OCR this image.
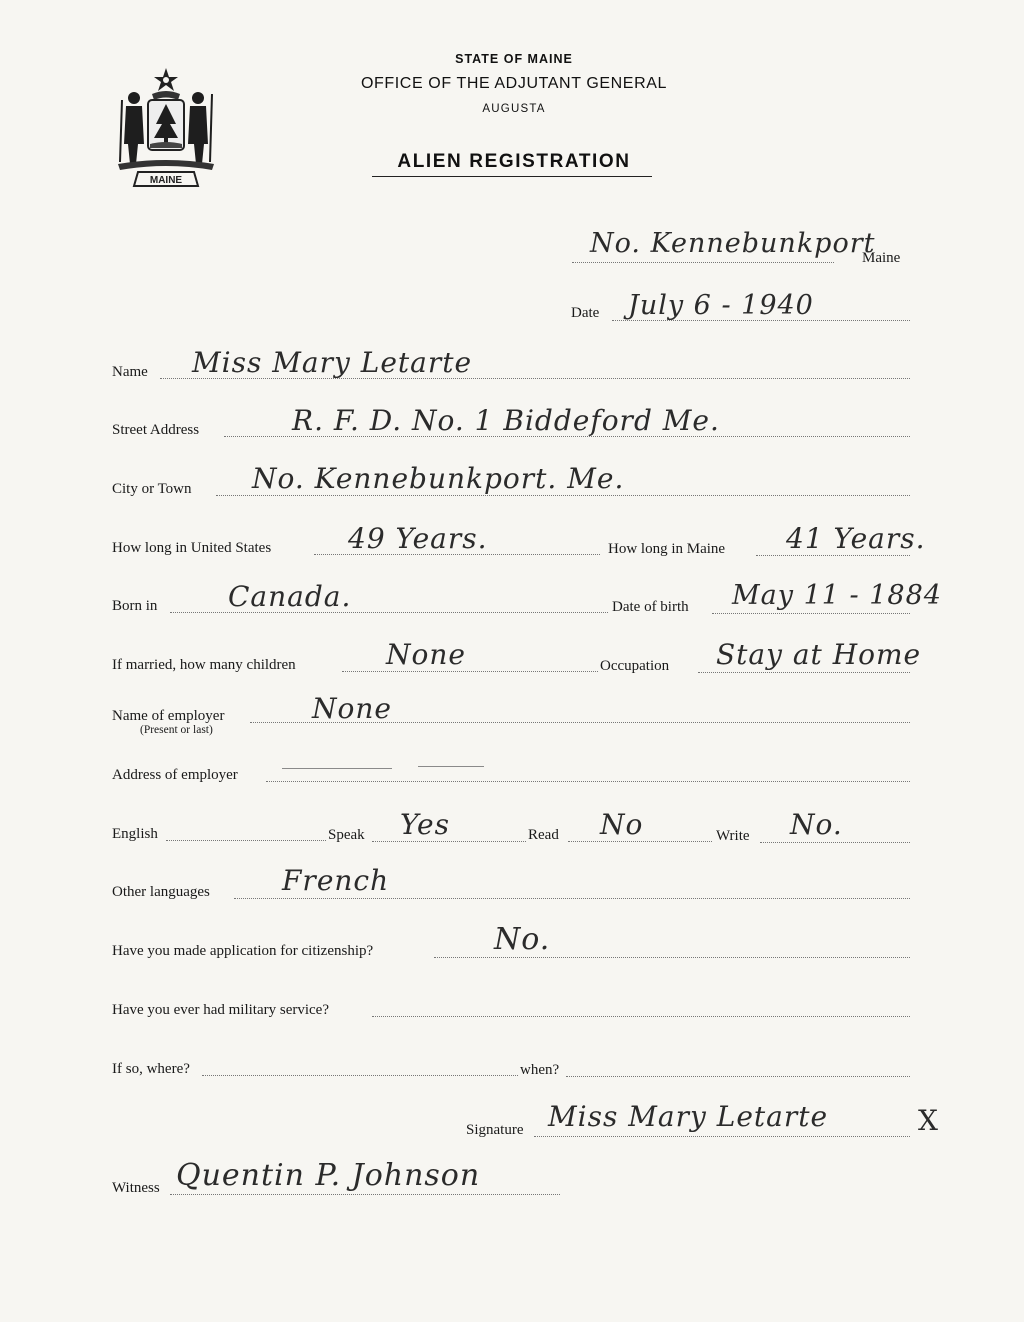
MAINE
STATE OF MAINE
OFFICE OF THE ADJUTANT GENERAL
AUGUSTA
ALIEN REGISTRATION
No. Kennebunkport
Maine
Date July 6 - 1940
Name Miss Mary Letarte
Street Address	R. F. D. No. 1 Biddeford Me.
City or Town No. Kennebunkport. Me.
How long in United States	49 Years.	How long in Maine 41 Years.
Born in	Canada.	Date of birth May 11 - 1884
If married, how many children	None	Occupation Stay at Home
Name of employer
(Present or last)
None
Address of employer
English	Speak Yes	Read No	Write No.
Other languages	French
Have you made application for citizenship?	No.
Have you ever had military service?
If so, where?	when?
Signature Miss Mary Letarte	X
Witness Quentin P. Johnson
